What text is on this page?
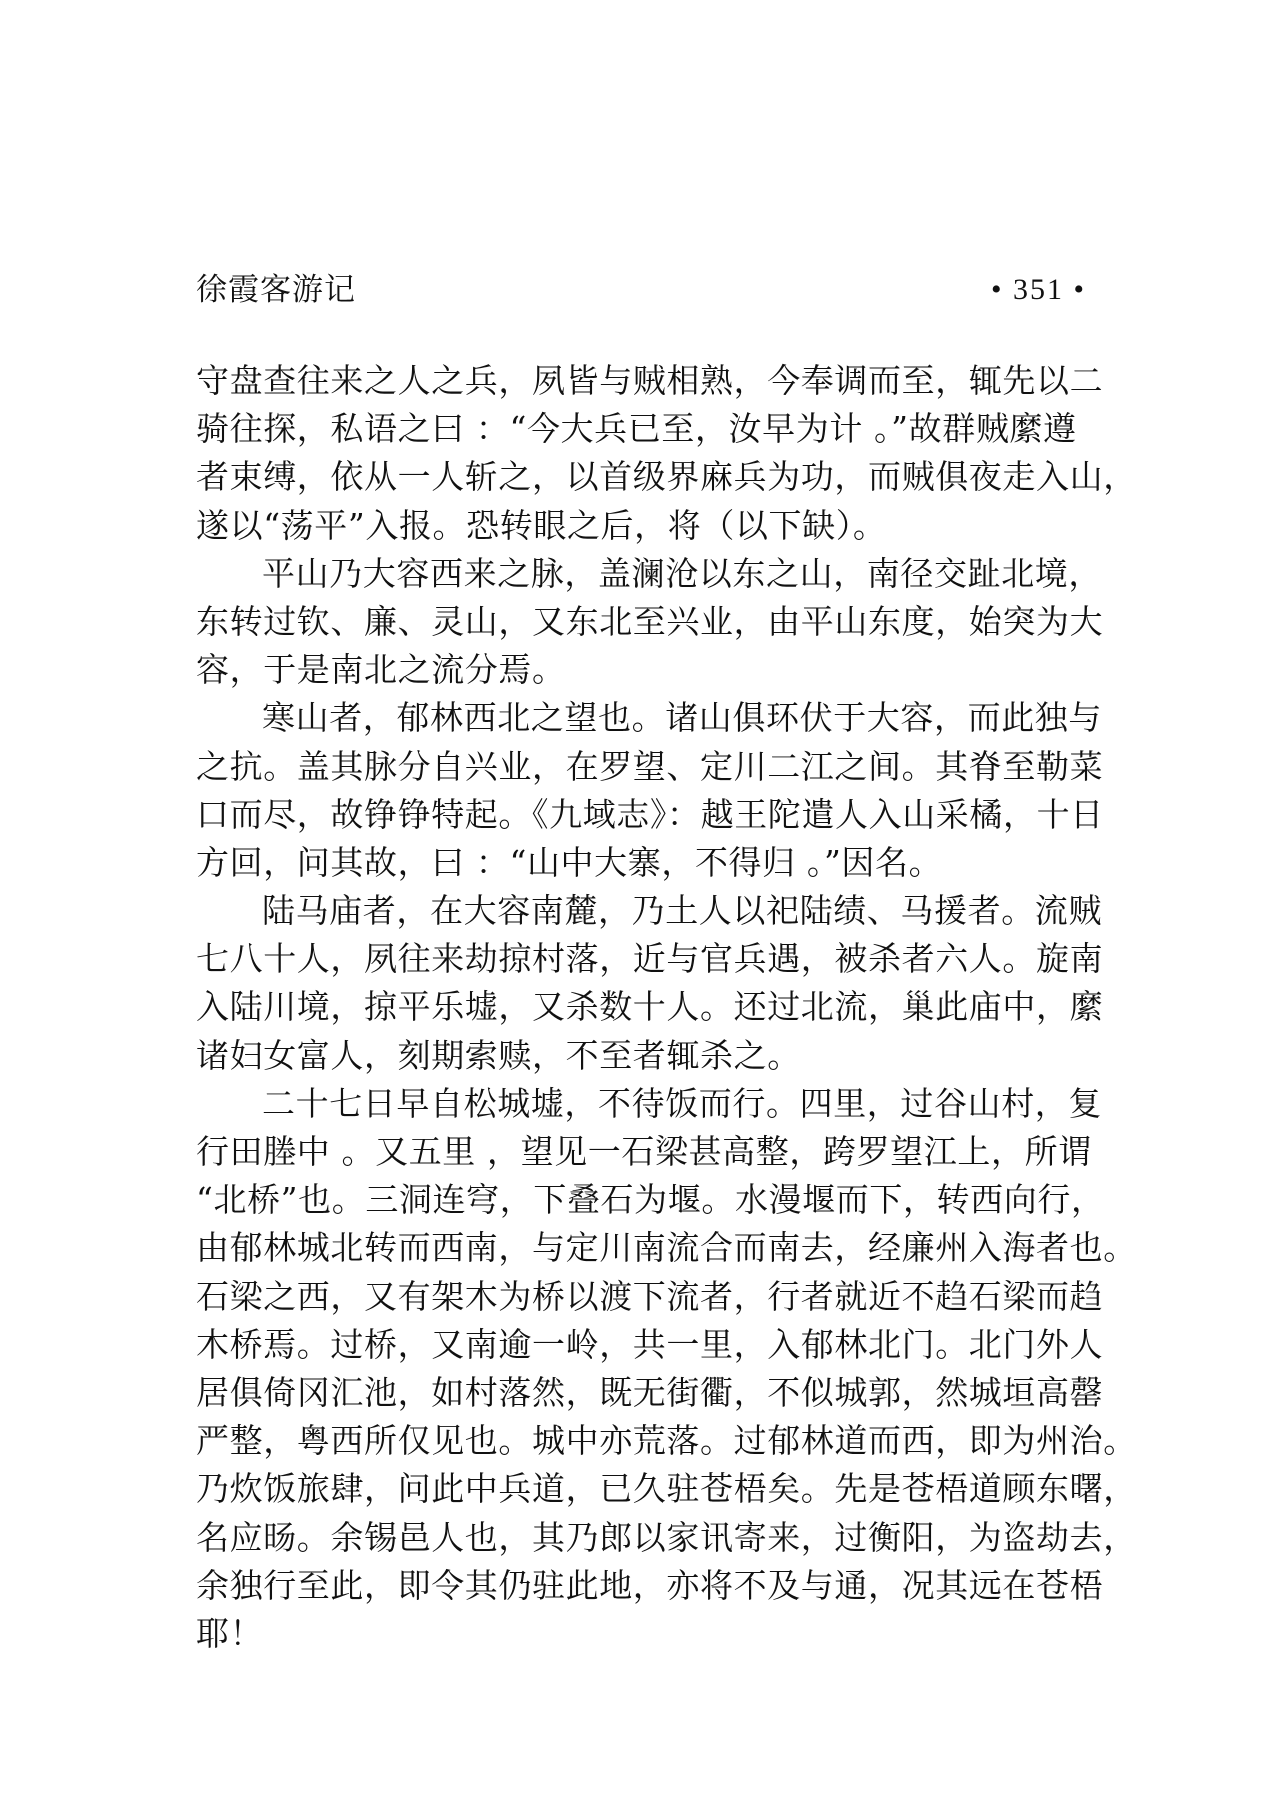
徐霞客游记	• 351 •
守盘查往来之人之兵，夙皆与贼相熟，今奉调而至，辄先以二
骑往探，私语之曰 ：“今大兵已至，汝早为计 。”故群贼縻遵
者束缚，依从一人斩之，以首级界麻兵为功，而贼俱夜走入山，
遂以“荡平”入报。恐转眼之后，将（以下缺）。
平山乃大容西来之脉，盖澜沧以东之山，南径交趾北境，
东转过钦、廉、灵山，又东北至兴业，由平山东度，始突为大
容，于是南北之流分焉。
寒山者，郁林西北之望也。诸山俱环伏于大容，而此独与
之抗。盖其脉分自兴业，在罗望、定川二江之间。其脊至勒菜
口而尽，故铮铮特起。《九域志》：越王陀遣人入山采橘，十日
方回，问其故，曰 ：“山中大寨，不得归 。”因名。
陆马庙者，在大容南麓，乃土人以祀陆绩、马援者。流贼
七八十人，夙往来劫掠村落，近与官兵遇，被杀者六人。旋南
入陆川境，掠平乐墟，又杀数十人。还过北流，巢此庙中，縻
诸妇女富人，刻期索赎，不至者辄杀之。
二十七日早自松城墟，不待饭而行。四里，过谷山村，复
行田塍中 。又五里 ，望见一石梁甚高整，跨罗望江上，所谓
“北桥”也。三洞连穹，下叠石为堰。水漫堰而下，转西向行，
由郁林城北转而西南，与定川南流合而南去，经廉州入海者也。
石梁之西，又有架木为桥以渡下流者，行者就近不趋石梁而趋
木桥焉。过桥，又南逾一岭，共一里，入郁林北门。北门外人
居俱倚冈汇池，如村落然，既无街衢，不似城郭，然城垣高罄
严整，粤西所仅见也。城中亦荒落。过郁林道而西，即为州治。
乃炊饭旅肆，问此中兵道，已久驻苍梧矣。先是苍梧道顾东曙，
名应旸。余锡邑人也，其乃郎以家讯寄来，过衡阳，为盗劫去，
余独行至此，即令其仍驻此地，亦将不及与通，况其远在苍梧
耶！
